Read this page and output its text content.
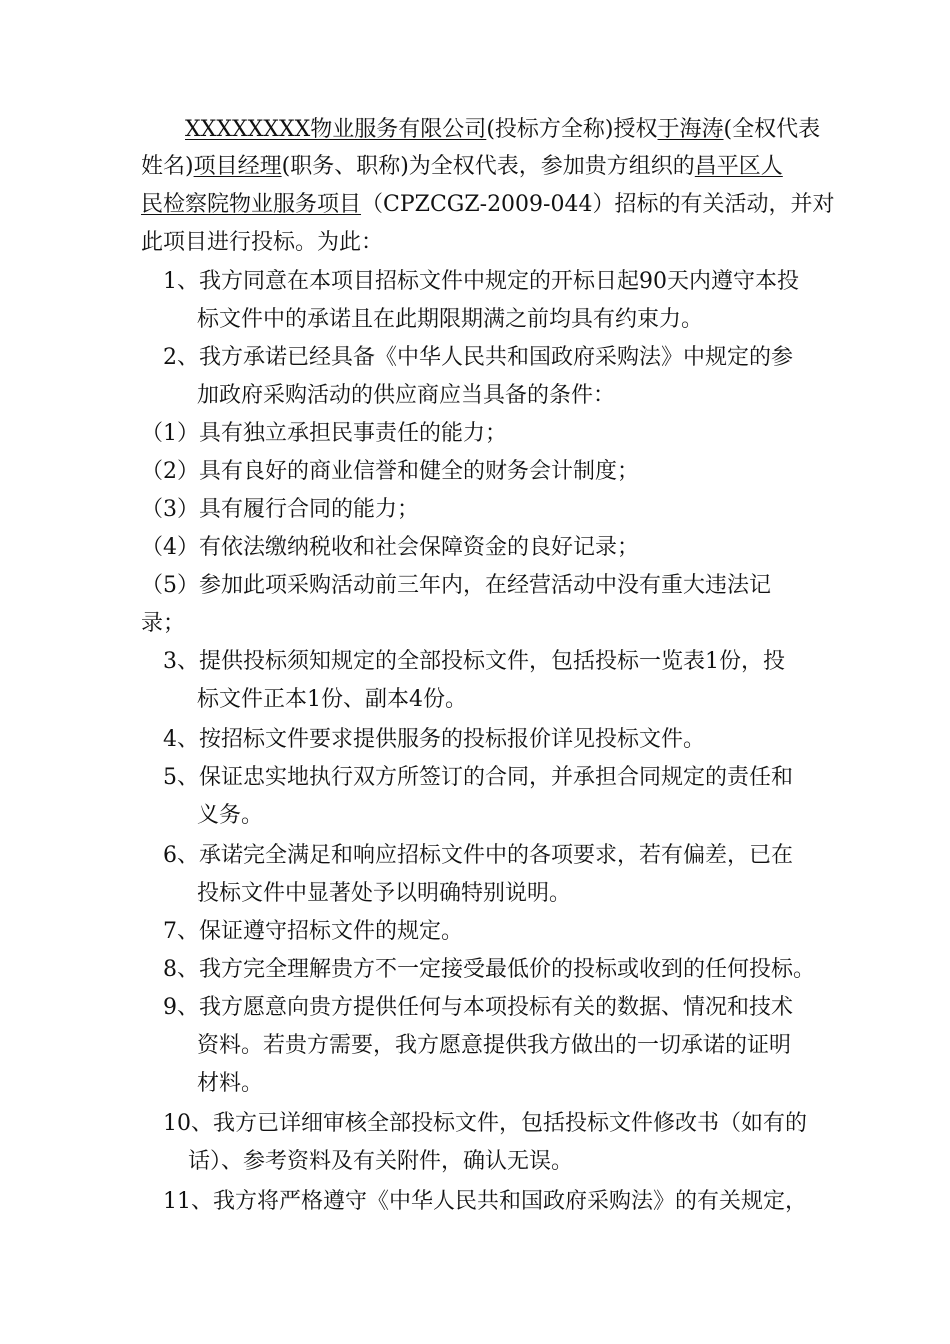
XXXXXXXX物业服务有限公司(投标方全称)授权于海涛(全权代表
姓名)项目经理(职务、职称)为全权代表，参加贵方组织的昌平区人
民检察院物业服务项目（CPZCGZ-2009-044）招标的有关活动，并对
此项目进行投标。为此：
1、我方同意在本项目招标文件中规定的开标日起90天内遵守本投
标文件中的承诺且在此期限期满之前均具有约束力。
2、我方承诺已经具备《中华人民共和国政府采购法》中规定的参
加政府采购活动的供应商应当具备的条件：
（1）具有独立承担民事责任的能力；
（2）具有良好的商业信誉和健全的财务会计制度；
（3）具有履行合同的能力；
（4）有依法缴纳税收和社会保障资金的良好记录；
（5）参加此项采购活动前三年内，在经营活动中没有重大违法记
录；
3、提供投标须知规定的全部投标文件，包括投标一览表1份，投
标文件正本1份、副本4份。
4、按招标文件要求提供服务的投标报价详见投标文件。
5、保证忠实地执行双方所签订的合同，并承担合同规定的责任和
义务。
6、承诺完全满足和响应招标文件中的各项要求，若有偏差，已在
投标文件中显著处予以明确特别说明。
7、保证遵守招标文件的规定。
8、我方完全理解贵方不一定接受最低价的投标或收到的任何投标。
9、我方愿意向贵方提供任何与本项投标有关的数据、情况和技术
资料。若贵方需要，我方愿意提供我方做出的一切承诺的证明
材料。
10、我方已详细审核全部投标文件，包括投标文件修改书（如有的
话）、参考资料及有关附件，确认无误。
11、我方将严格遵守《中华人民共和国政府采购法》的有关规定，
